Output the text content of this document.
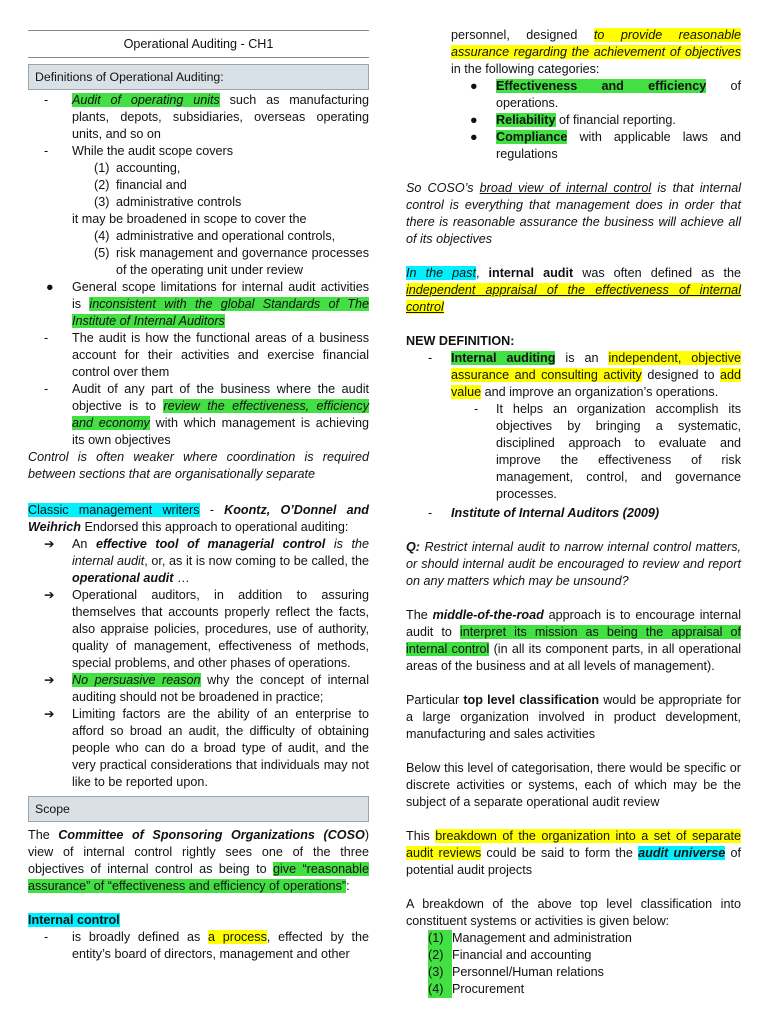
Operational Auditing - CH1
Definitions of Operational Auditing:
-	Audit of operating units such as manufacturing plants, depots, subsidiaries, overseas operating units, and so on
-	While the audit scope covers
(1) accounting,
(2) financial and
(3) administrative controls
it may be broadened in scope to cover the
(4) administrative and operational controls,
(5) risk management and governance processes of the operating unit under review
●	General scope limitations for internal audit activities is inconsistent with the global Standards of The Institute of Internal Auditors
-	The audit is how the functional areas of a business account for their activities and exercise financial control over them
-	Audit of any part of the business where the audit objective is to review the effectiveness, efficiency and economy with which management is achieving its own objectives

Control is often weaker where coordination is required between sections that are organisationally separate

Classic management writers - Koontz, O’Donnel and Weihrich Endorsed this approach to operational auditing:

➔	An effective tool of managerial control is the internal audit, or, as it is now coming to be called, the operational audit …
➔	Operational auditors, in addition to assuring themselves that accounts properly reflect the facts, also appraise policies, procedures, use of authority, quality of management, effectiveness of methods, special problems, and other phases of operations.
➔	No persuasive reason why the concept of internal auditing should not be broadened in practice;
➔	Limiting factors are the ability of an enterprise to afford so broad an audit, the difficulty of obtaining people who can do a broad type of audit, and the very practical considerations that individuals may not like to be reported upon.
Scope

The Committee of Sponsoring Organizations (COSO) view of internal control rightly sees one of the three objectives of internal control as being to give “reasonable assurance” of “effectiveness and efficiency of operations”:

Internal control

-	is broadly defined as a process, effected by the entity’s board of directors, management and other
personnel, designed to provide reasonable assurance regarding the achievement of objectives in the following categories:
●	Effectiveness and efficiency of operations.
●	Reliability of financial reporting.
●	Compliance with applicable laws and regulations

So COSO’s broad view of internal control is that internal control is everything that management does in order that there is reasonable assurance the business will achieve all of its objectives

In the past, internal audit was often defined as the independent appraisal of the effectiveness of internal control

NEW DEFINITION:

-	Internal auditing is an independent, objective assurance and consulting activity designed to add value and improve an organization’s operations.
-	It helps an organization accomplish its objectives by bringing a systematic, disciplined approach to evaluate and improve the effectiveness of risk management, control, and governance processes.
-	Institute of Internal Auditors (2009)

Q: Restrict internal audit to narrow internal control matters, or should internal audit be encouraged to review and report on any matters which may be unsound?

The middle-of-the-road approach is to encourage internal audit to interpret its mission as being the appraisal of internal control (in all its component parts, in all operational areas of the business and at all levels of management).

Particular top level classification would be appropriate for a large organization involved in product development, manufacturing and sales activities

Below this level of categorisation, there would be specific or discrete activities or systems, each of which may be the subject of a separate operational audit review

This breakdown of the organization into a set of separate audit reviews could be said to form the audit universe of potential audit projects

A breakdown of the above top level classification into constituent systems or activities is given below:

(1) Management and administration
(2) Financial and accounting
(3) Personnel/Human relations
(4) Procurement
